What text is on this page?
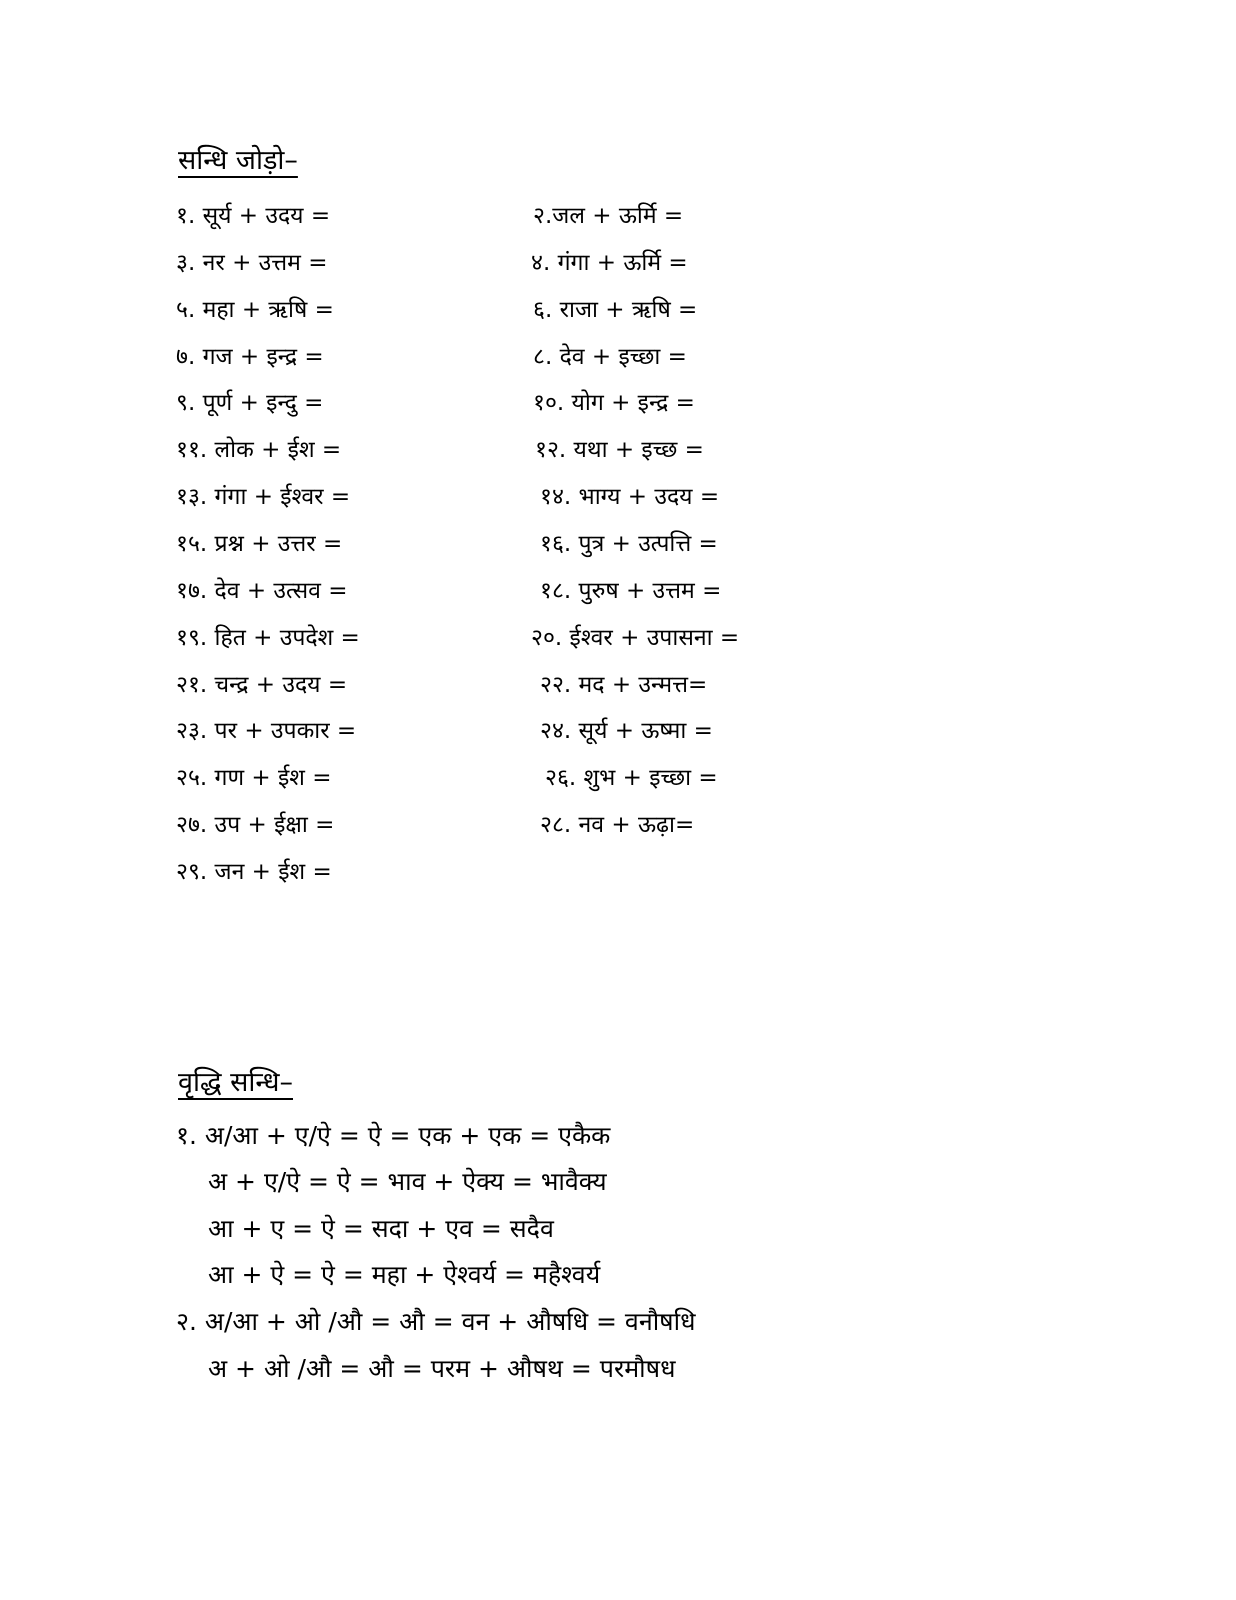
सन्धि जोड़ो–
१. सूर्य + उदय =	२.जल + ऊर्मि =
३. नर + उत्तम =	४. गंगा + ऊर्मि =
५. महा + ऋषि =	६. राजा + ऋषि =
७. गज + इन्द्र =	८. देव + इच्छा =
९. पूर्ण + इन्दु =	१०. योग + इन्द्र =
११. लोक + ईश =	१२. यथा + इच्छ =
१३. गंगा + ईश्वर =	१४. भाग्य + उदय =
१५. प्रश्न + उत्तर =	१६. पुत्र + उत्पत्ति =
१७. देव + उत्सव =	१८. पुरुष + उत्तम =
१९. हित + उपदेश =	२०. ईश्वर + उपासना =
२१. चन्द्र + उदय =	२२. मद + उन्मत्त=
२३. पर + उपकार =	२४. सूर्य + ऊष्मा =
२५. गण + ईश =	२६. शुभ + इच्छा =
२७. उप + ईक्षा =	२८. नव + ऊढ़ा=
२९. जन + ईश =
वृद्धि सन्धि–
१. अ/आ + ए/ऐ = ऐ = एक + एक = एकैक
अ + ए/ऐ = ऐ = भाव + ऐक्य = भावैक्य
आ + ए = ऐ = सदा + एव = सदैव
आ + ऐ = ऐ = महा + ऐश्वर्य = महैश्वर्य
२. अ/आ + ओ /औ = औ = वन + औषधि = वनौषधि
अ + ओ /औ = औ = परम + औषथ = परमौषध
